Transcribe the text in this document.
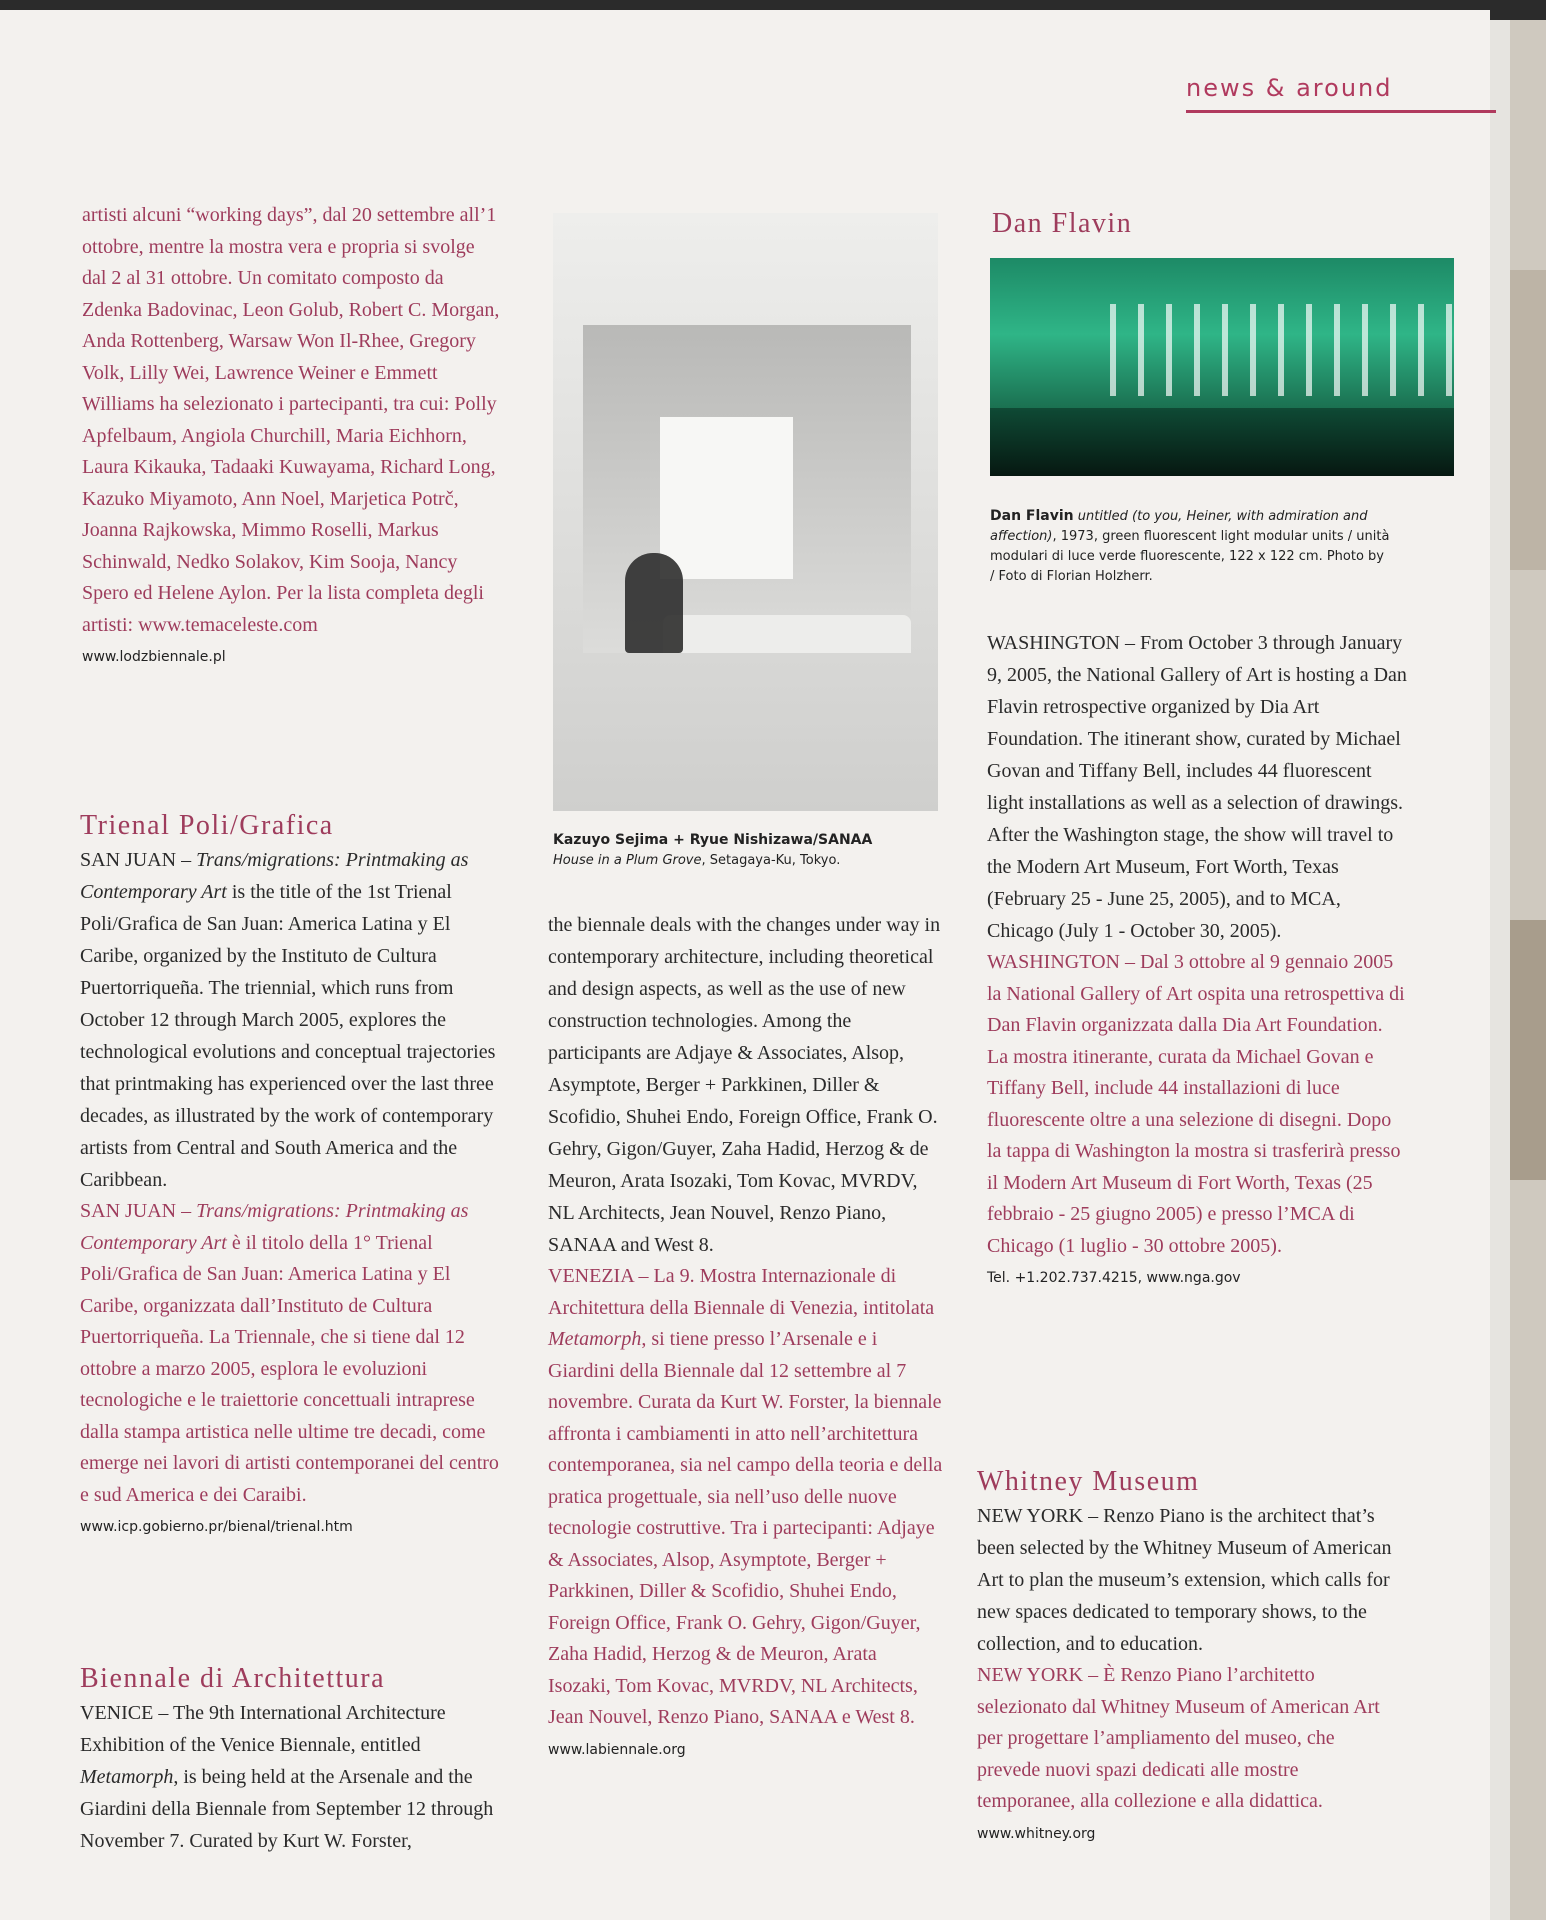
news & around

artisti alcuni “working days”, dal 20 settembre all’1 ottobre, mentre la mostra vera e propria si svolge dal 2 al 31 ottobre. Un comitato composto da Zdenka Badovinac, Leon Golub, Robert C. Morgan, Anda Rottenberg, Warsaw Won Il-Rhee, Gregory Volk, Lilly Wei, Lawrence Weiner e Emmett Williams ha selezionato i partecipanti, tra cui: Polly Apfelbaum, Angiola Churchill, Maria Eichhorn, Laura Kikauka, Tadaaki Kuwayama, Richard Long, Kazuko Miyamoto, Ann Noel, Marjetica Potrč, Joanna Rajkowska, Mimmo Roselli, Markus Schinwald, Nedko Solakov, Kim Sooja, Nancy Spero ed Helene Aylon. Per la lista completa degli artisti: www.temaceleste.com

www.lodzbiennale.pl

Trienal Poli/Grafica

SAN JUAN – Trans/migrations: Printmaking as Contemporary Art is the title of the 1st Trienal Poli/Grafica de San Juan: America Latina y El Caribe, organized by the Instituto de Cultura Puertorriqueña. The triennial, which runs from October 12 through March 2005, explores the technological evolutions and conceptual trajectories that printmaking has experienced over the last three decades, as illustrated by the work of contemporary artists from Central and South America and the Caribbean.

SAN JUAN – Trans/migrations: Printmaking as Contemporary Art è il titolo della 1° Trienal Poli/Grafica de San Juan: America Latina y El Caribe, organizzata dall’Instituto de Cultura Puertorriqueña. La Triennale, che si tiene dal 12 ottobre a marzo 2005, esplora le evoluzioni tecnologiche e le traiettorie concettuali intraprese dalla stampa artistica nelle ultime tre decadi, come emerge nei lavori di artisti contemporanei del centro e sud America e dei Caraibi.

www.icp.gobierno.pr/bienal/trienal.htm

Biennale di Architettura

VENICE – The 9th International Architecture Exhibition of the Venice Biennale, entitled Metamorph, is being held at the Arsenale and the Giardini della Biennale from September 12 through November 7. Curated by Kurt W. Forster,

Kazuyo Sejima + Ryue Nishizawa/SANAA
House in a Plum Grove, Setagaya-Ku, Tokyo.

the biennale deals with the changes under way in contemporary architecture, including theoretical and design aspects, as well as the use of new construction technologies. Among the participants are Adjaye & Associates, Alsop, Asymptote, Berger + Parkkinen, Diller & Scofidio, Shuhei Endo, Foreign Office, Frank O. Gehry, Gigon/Guyer, Zaha Hadid, Herzog & de Meuron, Arata Isozaki, Tom Kovac, MVRDV, NL Architects, Jean Nouvel, Renzo Piano, SANAA and West 8.

VENEZIA – La 9. Mostra Internazionale di Architettura della Biennale di Venezia, intitolata Metamorph, si tiene presso l’Arsenale e i Giardini della Biennale dal 12 settembre al 7 novembre. Curata da Kurt W. Forster, la biennale affronta i cambiamenti in atto nell’architettura contemporanea, sia nel campo della teoria e della pratica progettuale, sia nell’uso delle nuove tecnologie costruttive. Tra i partecipanti: Adjaye & Associates, Alsop, Asymptote, Berger + Parkkinen, Diller & Scofidio, Shuhei Endo, Foreign Office, Frank O. Gehry, Gigon/Guyer, Zaha Hadid, Herzog & de Meuron, Arata Isozaki, Tom Kovac, MVRDV, NL Architects, Jean Nouvel, Renzo Piano, SANAA e West 8.

www.labiennale.org

Dan Flavin
Dan Flavin untitled (to you, Heiner, with admiration and affection), 1973, green fluorescent light modular units / unità modulari di luce verde fluorescente, 122 x 122 cm. Photo by / Foto di Florian Holzherr.

WASHINGTON – From October 3 through January 9, 2005, the National Gallery of Art is hosting a Dan Flavin retrospective organized by Dia Art Foundation. The itinerant show, curated by Michael Govan and Tiffany Bell, includes 44 fluorescent light installations as well as a selection of drawings. After the Washington stage, the show will travel to the Modern Art Museum, Fort Worth, Texas (February 25 - June 25, 2005), and to MCA, Chicago (July 1 - October 30, 2005).

WASHINGTON – Dal 3 ottobre al 9 gennaio 2005 la National Gallery of Art ospita una retrospettiva di Dan Flavin organizzata dalla Dia Art Foundation. La mostra itinerante, curata da Michael Govan e Tiffany Bell, include 44 installazioni di luce fluorescente oltre a una selezione di disegni. Dopo la tappa di Washington la mostra si trasferirà presso il Modern Art Museum di Fort Worth, Texas (25 febbraio - 25 giugno 2005) e presso l’MCA di Chicago (1 luglio - 30 ottobre 2005).

Tel. +1.202.737.4215, www.nga.gov

Whitney Museum

NEW YORK – Renzo Piano is the architect that’s been selected by the Whitney Museum of American Art to plan the museum’s extension, which calls for new spaces dedicated to temporary shows, to the collection, and to education.

NEW YORK – È Renzo Piano l’architetto selezionato dal Whitney Museum of American Art per progettare l’ampliamento del museo, che prevede nuovi spazi dedicati alle mostre temporanee, alla collezione e alla didattica.

www.whitney.org
